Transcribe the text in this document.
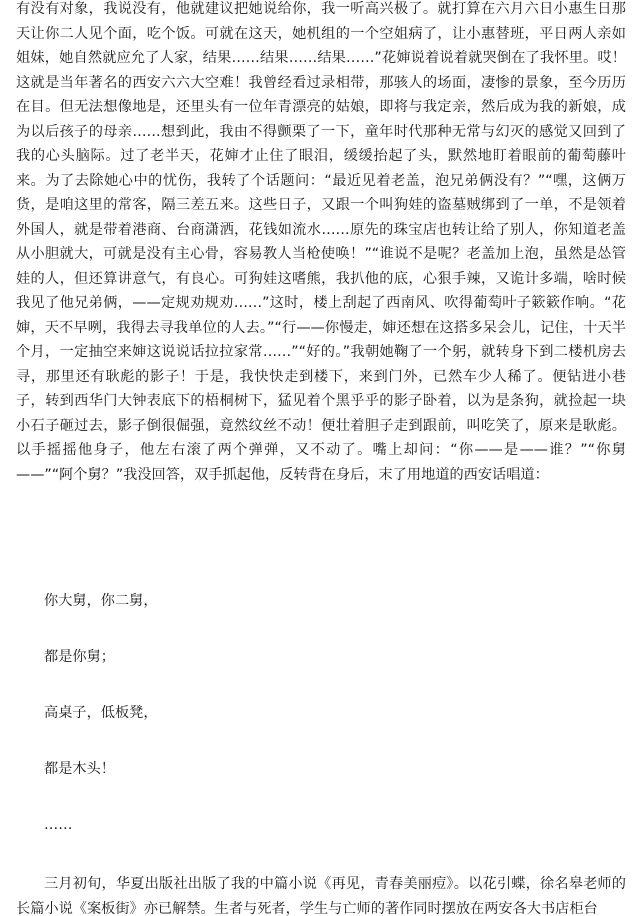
有没有对象，我说没有，他就建议把她说给你，我一听高兴极了。就打算在六月六日小惠生日那天让你二人见个面，吃个饭。可就在这天，她机组的一个空姐病了，让小惠替班，平日两人亲如姐妹，她自然就应允了人家，结果……结果……结果……”花婶说着说着就哭倒在了我怀里。哎！这就是当年著名的西安六六大空难！我曾经看过录相带，那骇人的场面，凄惨的景象，至今历历在目。但无法想像地是，还里头有一位年青漂亮的姑娘，即将与我定亲，然后成为我的新娘，成为以后孩子的母亲……想到此，我由不得颤栗了一下，童年时代那种无常与幻灭的感觉又回到了我的心头脑际。过了老半天，花婶才止住了眼泪，缓缓抬起了头，默然地盯着眼前的葡萄藤叶来。为了去除她心中的忧伤，我转了个话题问：“最近见着老盖，泡兄弟俩没有？”“嘿，这俩万货，是咱这里的常客，隔三差五来。这些日子，又跟一个叫狗娃的盗墓贼绑到了一单，不是领着外国人，就是带着港商、台商潇洒，花钱如流水……原先的珠宝店也转让给了别人，你知道老盖从小胆就大，可就是没有主心骨，容易教人当枪使唤！”“谁说不是呢？老盖加上泡，虽然是怂管娃的人，但还算讲意气，有良心。可狗娃这嗜熊，我扒他的底，心狠手辣，又诡计多端，啥时候我见了他兄弟俩，——定规劝规劝……”这时，楼上刮起了西南风、吹得葡萄叶子簌簌作响。“花婶，天不早咧，我得去寻我单位的人去。”“行——你慢走，婶还想在这搭多呆会儿，记住，十天半个月，一定抽空来婶这说说话拉拉家常……”“好的。”我朝她鞠了一个躬，就转身下到二楼机房去寻，那里还有耿彪的影子！于是，我快快走到楼下，来到门外，已然车少人稀了。便钻进小巷子，转到西华门大钟表底下的梧桐树下，猛见着个黑乎乎的影子卧着，以为是条狗，就捡起一块小石子砸过去，影子倒很倔强，竟然纹丝不动！便壮着胆子走到跟前，叫吃笑了，原来是耿彪。以手摇摇他身子，他左右滚了两个弹弹，又不动了。嘴上却问：“你——是——谁？”“你舅——”“阿个舅？”我没回答，双手抓起他，反转背在身后，末了用地道的西安话唱道：

你大舅，你二舅，

都是你舅；

高桌子，低板凳，

都是木头！

……

三月初旬，华夏出版社出版了我的中篇小说《再见，青春美丽痘》。以花引蝶，徐名皋老师的长篇小说《案板街》亦已解禁。生者与死者，学生与亡师的著作同时摆放在两安各大书店柜台
